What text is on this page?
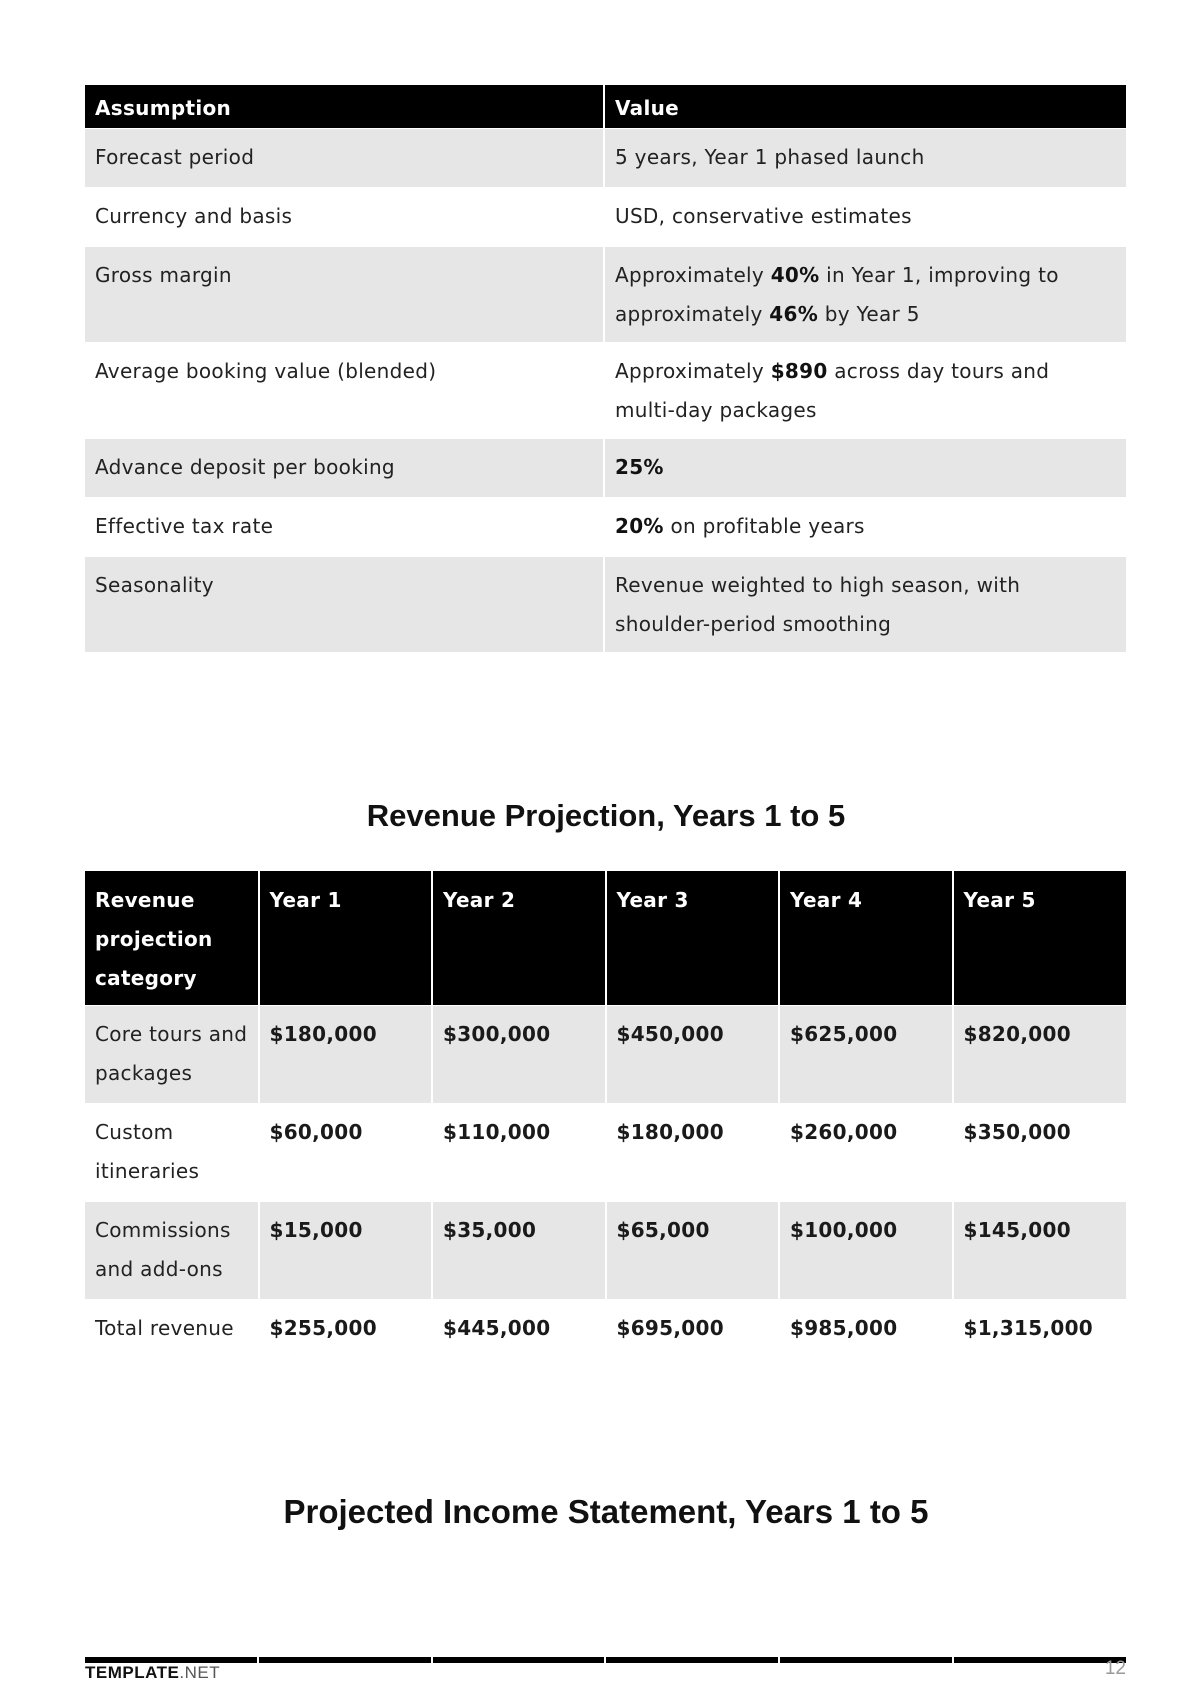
Assumption	Value
Forecast period	5 years, Year 1 phased launch
Currency and basis	USD, conservative estimates
Gross margin	Approximately 40% in Year 1, improving to approximately 46% by Year 5
Average booking value (blended)	Approximately $890 across day tours and multi-day packages
Advance deposit per booking	25%
Effective tax rate	20% on profitable years
Seasonality	Revenue weighted to high season, with shoulder-period smoothing
Revenue Projection, Years 1 to 5
Revenue projection category	Year 1	Year 2	Year 3	Year 4	Year 5
Core tours and packages	$180,000	$300,000	$450,000	$625,000	$820,000
Custom itineraries	$60,000	$110,000	$180,000	$260,000	$350,000
Commissions and add-ons	$15,000	$35,000	$65,000	$100,000	$145,000
Total revenue	$255,000	$445,000	$695,000	$985,000	$1,315,000
Projected Income Statement, Years 1 to 5
TEMPLATE.NET	12
